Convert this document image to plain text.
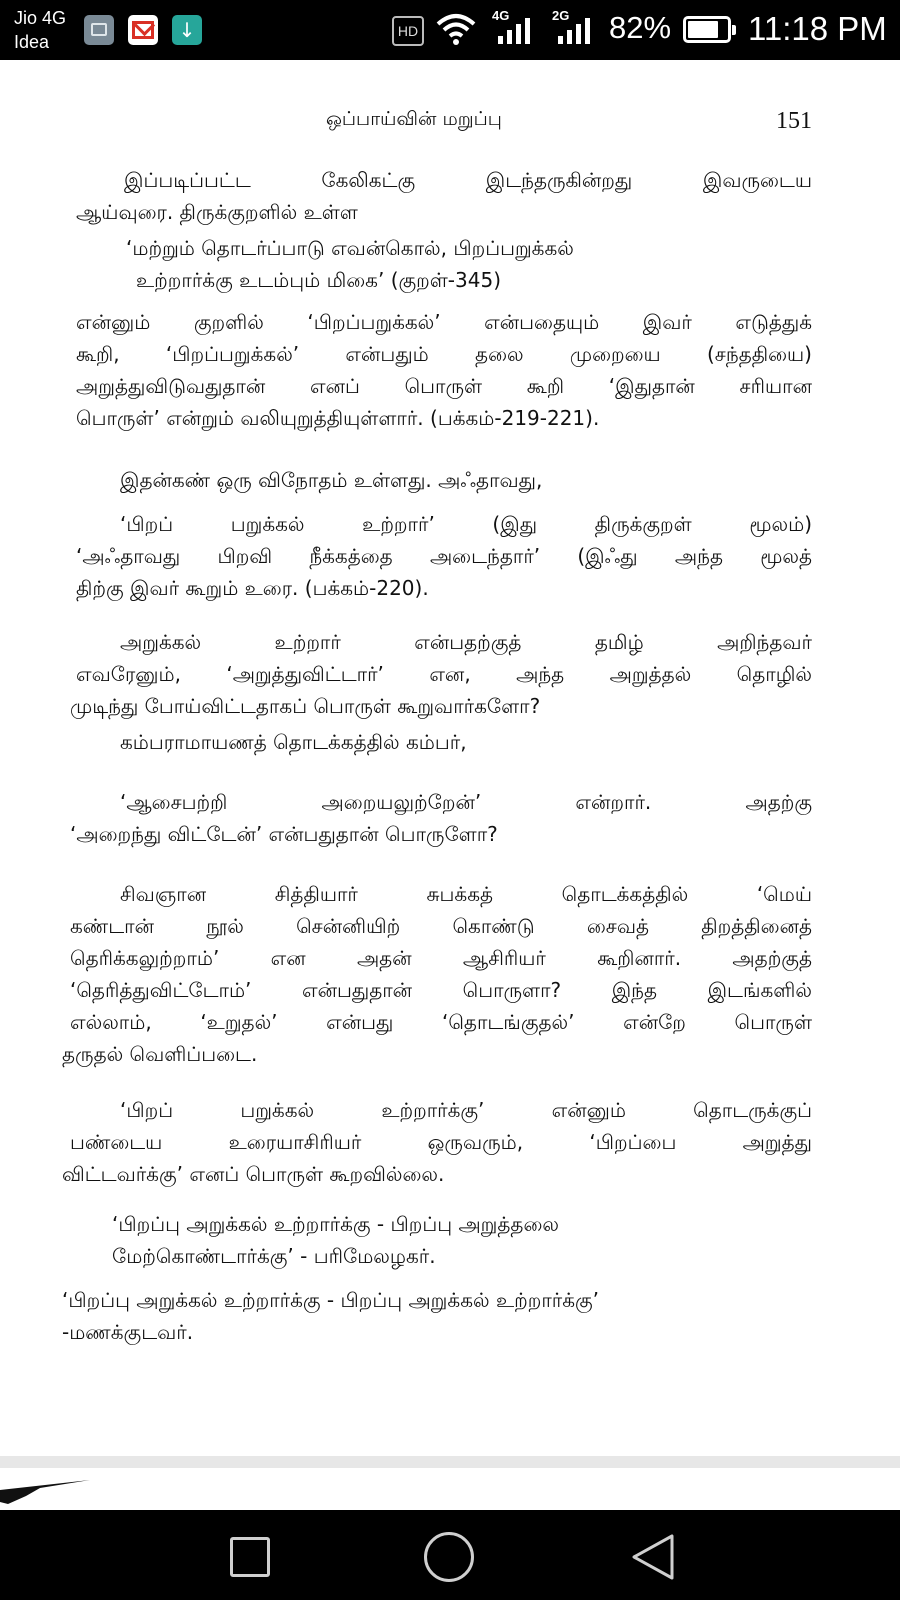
Jio 4G
Idea
↓
HD
4G	2G 82% 11:18 PM
ஒப்பாய்வின் மறுப்பு	151
இப்படிப்பட்ட கேலிகட்கு இடந்தருகின்றது இவருடைய
ஆய்வுரை. திருக்குறளில் உள்ள
‘மற்றும் தொடர்ப்பாடு எவன்கொல், பிறப்பறுக்கல்
உற்றார்க்கு உடம்பும் மிகை’ (குறள்-345)
என்னும் குறளில் ‘பிறப்பறுக்கல்’ என்பதையும் இவர் எடுத்துக்
கூறி, ‘பிறப்பறுக்கல்’ என்பதும் தலை முறையை (சந்ததியை)
அறுத்துவிடுவதுதான் எனப் பொருள் கூறி ‘இதுதான் சரியான
பொருள்’ என்றும் வலியுறுத்தியுள்ளார். (பக்கம்-219-221).
இதன்கண் ஒரு விநோதம் உள்ளது. அஃதாவது,
‘பிறப் பறுக்கல் உற்றார்’ (இது திருக்குறள் மூலம்)
‘அஃதாவது பிறவி நீக்கத்தை அடைந்தார்’ (இஃது அந்த மூலத்
திற்கு இவர் கூறும் உரை. (பக்கம்-220).
அறுக்கல் உற்றார் என்பதற்குத் தமிழ் அறிந்தவர்
எவரேனும், ‘அறுத்துவிட்டார்’ என, அந்த அறுத்தல் தொழில்
முடிந்து போய்விட்டதாகப் பொருள் கூறுவார்களோ?
கம்பராமாயணத் தொடக்கத்தில் கம்பர்,
‘ஆசைபற்றி அறையலுற்றேன்’ என்றார். அதற்கு
‘அறைந்து விட்டேன்’ என்பதுதான் பொருளோ?
சிவஞான சித்தியார் சுபக்கத் தொடக்கத்தில் ‘மெய்
கண்டான் நூல் சென்னியிற் கொண்டு சைவத் திறத்தினைத்
தெரிக்கலுற்றாம்’ என அதன் ஆசிரியர் கூறினார். அதற்குத்
‘தெரித்துவிட்டோம்’ என்பதுதான் பொருளா? இந்த இடங்களில்
எல்லாம், ‘உறுதல்’ என்பது ‘தொடங்குதல்’ என்றே பொருள்
தருதல் வெளிப்படை.
‘பிறப் பறுக்கல் உற்றார்க்கு’ என்னும் தொடருக்குப்
பண்டைய உரையாசிரியர் ஒருவரும், ‘பிறப்பை அறுத்து
விட்டவர்க்கு’ எனப் பொருள் கூறவில்லை.
‘பிறப்பு அறுக்கல் உற்றார்க்கு - பிறப்பு அறுத்தலை
மேற்கொண்டார்க்கு’ - பரிமேலழகர்.
‘பிறப்பு அறுக்கல் உற்றார்க்கு - பிறப்பு அறுக்கல் உற்றார்க்கு’
-மணக்குடவர்.
